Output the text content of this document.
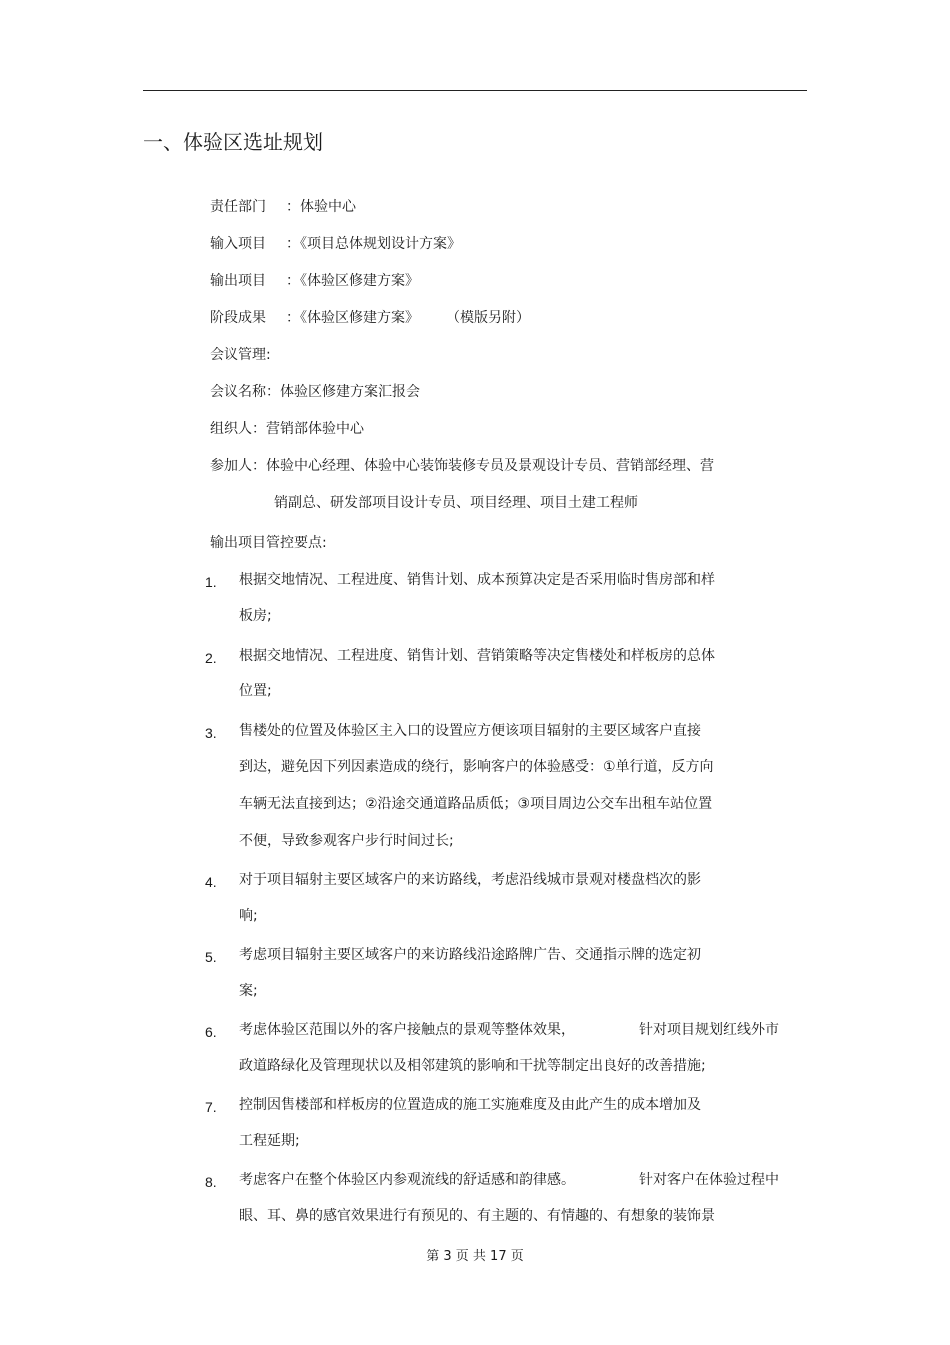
一、体验区选址规划
责任部门 ：体验中心
输入项目 ：《项目总体规划设计方案》
输出项目 ：《体验区修建方案》
阶段成果 ：《体验区修建方案》 （模版另附）
会议管理:
会议名称：体验区修建方案汇报会
组织人：营销部体验中心
参加人：体验中心经理、体验中心装饰装修专员及景观设计专员、营销部经理、营
销副总、研发部项目设计专员、项目经理、项目土建工程师
输出项目管控要点:
1. 根据交地情况、工程进度、销售计划、成本预算决定是否采用临时售房部和样
板房;
2. 根据交地情况、工程进度、销售计划、营销策略等决定售楼处和样板房的总体
位置;
3. 售楼处的位置及体验区主入口的设置应方便该项目辐射的主要区域客户直接
到达，避免因下列因素造成的绕行，影响客户的体验感受：①单行道，反方向
车辆无法直接到达；②沿途交通道路品质低；③项目周边公交车出租车站位置
不便，导致参观客户步行时间过长;
4. 对于项目辐射主要区域客户的来访路线，考虑沿线城市景观对楼盘档次的影
响;
5. 考虑项目辐射主要区域客户的来访路线沿途路牌广告、交通指示牌的选定初
案;
6. 考虑体验区范围以外的客户接触点的景观等整体效果，	针对项目规划红线外市
政道路绿化及管理现状以及相邻建筑的影响和干扰等制定出良好的改善措施;
7. 控制因售楼部和样板房的位置造成的施工实施难度及由此产生的成本增加及
工程延期;
8. 考虑客户在整个体验区内参观流线的舒适感和韵律感。	针对客户在体验过程中
眼、耳、鼻的感官效果进行有预见的、有主题的、有情趣的、有想象的装饰景
第 3 页 共 17 页
